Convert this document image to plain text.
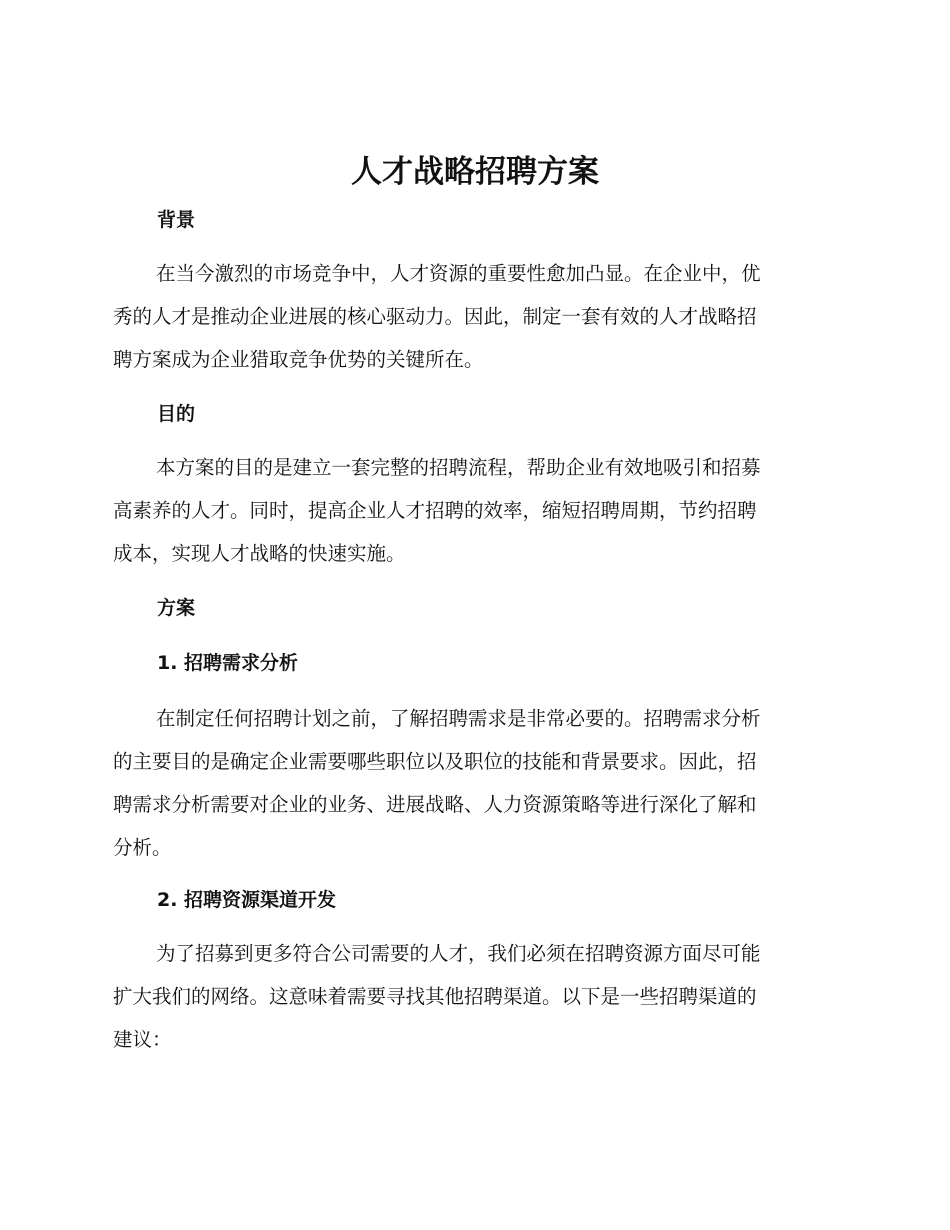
人才战略招聘方案
背景

在当今激烈的市场竞争中，人才资源的重要性愈加凸显。在企业中，优
秀的人才是推动企业进展的核心驱动力。因此，制定一套有效的人才战略招
聘方案成为企业猎取竞争优势的关键所在。

目的

本方案的目的是建立一套完整的招聘流程，帮助企业有效地吸引和招募
高素养的人才。同时，提高企业人才招聘的效率，缩短招聘周期，节约招聘
成本，实现人才战略的快速实施。

方案
1. 招聘需求分析

在制定任何招聘计划之前，了解招聘需求是非常必要的。招聘需求分析
的主要目的是确定企业需要哪些职位以及职位的技能和背景要求。因此，招
聘需求分析需要对企业的业务、进展战略、人力资源策略等进行深化了解和
分析。

2. 招聘资源渠道开发

为了招募到更多符合公司需要的人才，我们必须在招聘资源方面尽可能
扩大我们的网络。这意味着需要寻找其他招聘渠道。以下是一些招聘渠道的
建议：
